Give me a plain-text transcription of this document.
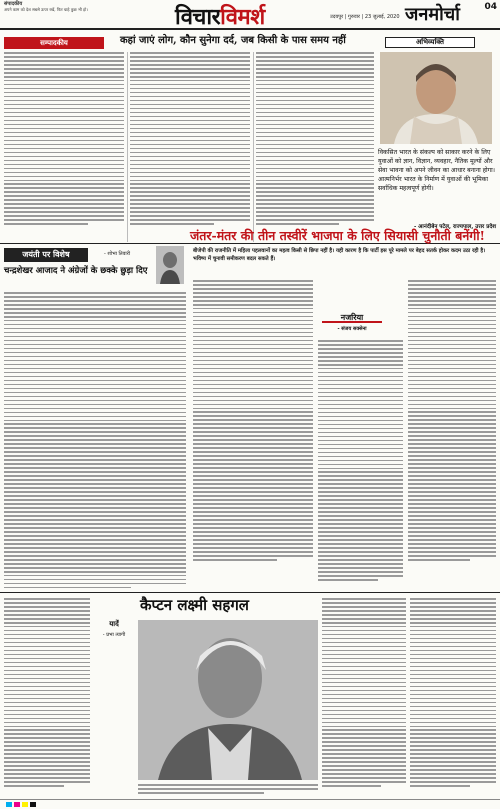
संपादकीय
अपने काम को देश सबसे ऊपर रखें, फिर चाहे कुछ भी हो।	विचारविमर्श	उदयपुर | गुरुवार | 23 जुलाई, 2020 जनमोर्चा	04
सम्पादकीय	कहां जाएं लोग, कौन सुनेगा दर्द, जब किसी के पास समय नहीं	अभिव्यक्ति
विकसित भारत के संकल्प को साकार करने के लिए युवाओं को ज्ञान, विज्ञान, व्यवहार, नैतिक मूल्यों और सेवा भावना को अपने जीवन का आधार बनाना होगा। आत्मनिर्भर भारत के निर्माण में युवाओं की भूमिका सर्वाधिक महत्वपूर्ण होगी।
- आनंदीबेन पटेल, राज्यपाल, उत्तर प्रदेश
जयंती पर विशेष	- शोभा तिवारी
चन्द्रशेखर आजाद ने अंग्रेजों के छक्के छुड़ा दिए
जंतर-मंतर की तीन तस्वीरें भाजपा के लिए सियासी चुनौती बनेंगी!
बीजेपी की राजनीति में महिला पहलवानों का महत्व किसी से छिपा नहीं है। यही कारण है कि पार्टी इस पूरे मामले पर बेहद सतर्क होकर कदम उठा रही है। भविष्य में चुनावी समीकरण बदल सकते हैं।
नजरिया
- संजय सक्सेना
कैप्टन लक्ष्मी सहगल
यादें
- प्रभा त्यागी
